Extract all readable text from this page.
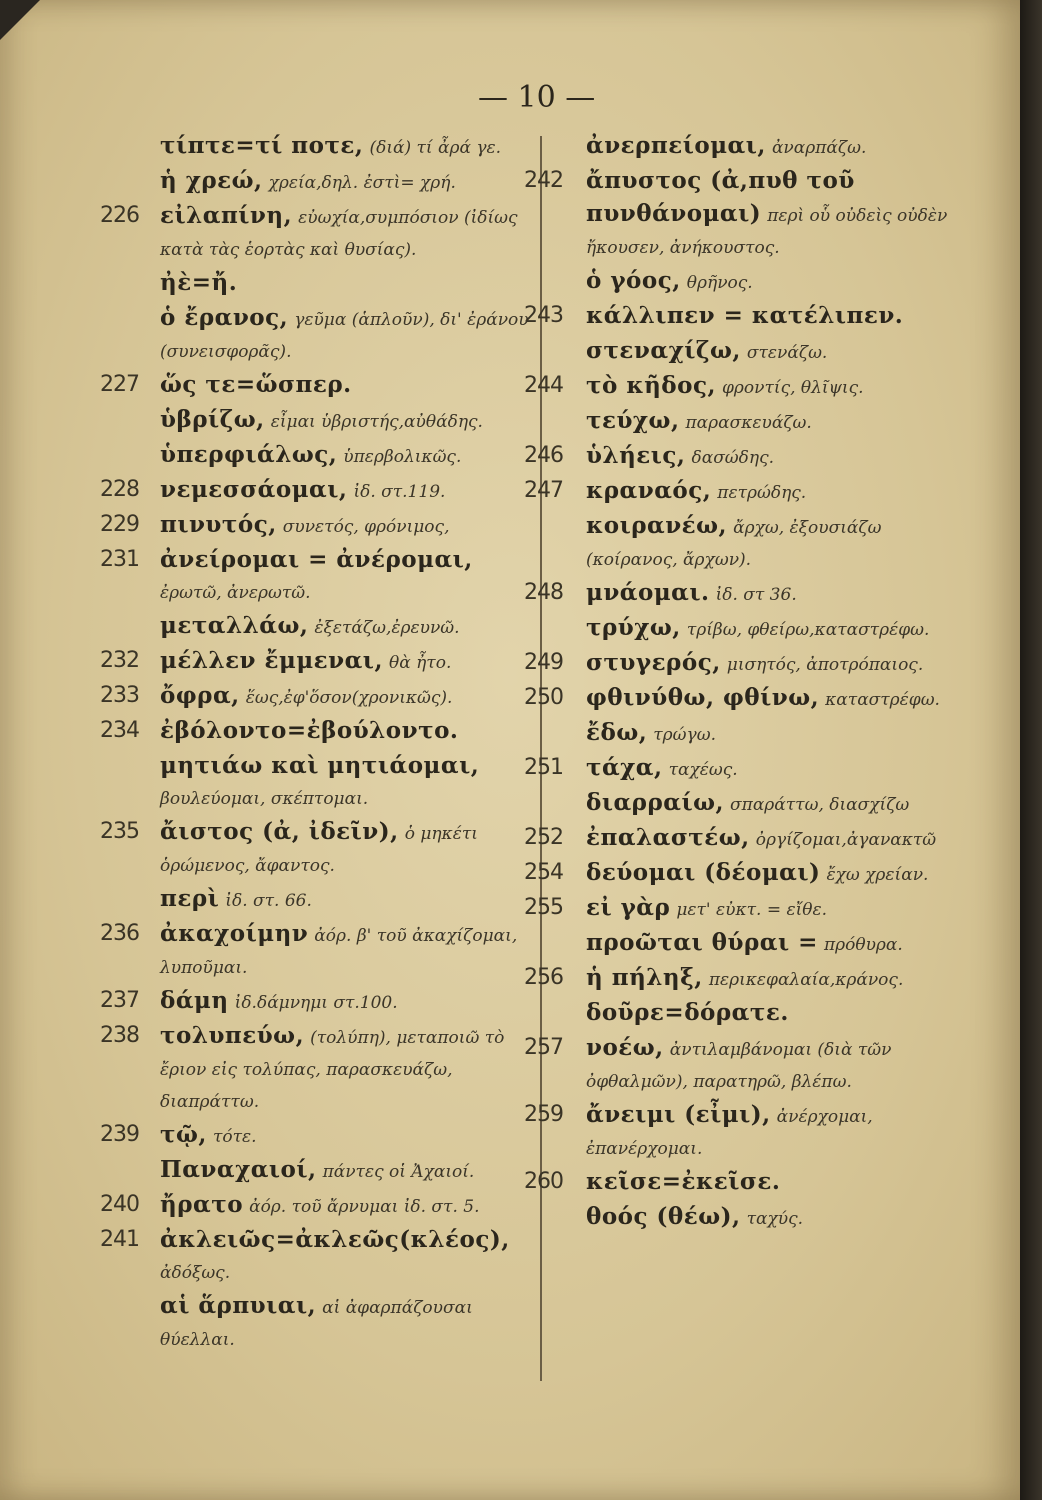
— 10 —
τίπτε=τί ποτε, (διά) τί ἆρά γε.
ἡ χρεώ, χρεία,δηλ. ἐστὶ= χρή.
226 εἰλαπίνη, εὐωχία,συμπόσιον (ἰδίως κατὰ τὰς ἑορτὰς καὶ θυσίας).
ἠὲ=ἤ.
ὁ ἔρανος, γεῦμα (ἁπλοῦν), δι' ἐράνου (συνεισφορᾶς).
227 ὥς τε=ὥσπερ.
ὑβρίζω, εἶμαι ὑβριστής,αὐθάδης.
ὑπερφιάλως, ὑπερβολικῶς.
228 νεμεσσάομαι, ἰδ. στ.119.
229 πινυτός, συνετός, φρόνιμος,
231 ἀνείρομαι = ἀνέρομαι, ἐρωτῶ, ἀνερωτῶ.
μεταλλάω, ἐξετάζω,ἐρευνῶ.
232 μέλλεν ἔμμεναι, θὰ ἦτο.
233 ὄφρα, ἕως,ἐφ'ὅσον(χρονικῶς).
234 ἐβόλοντο=ἐβούλοντο.
μητιάω καὶ μητιάομαι, βουλεύομαι, σκέπτομαι.
235 ἄιστος (ἀ, ἰδεῖν), ὁ μηκέτι ὁρώμενος, ἄφαντος.
περὶ ἰδ. στ. 66.
236 ἀκαχοίμην ἀόρ. β' τοῦ ἀκαχίζομαι, λυποῦμαι.
237 δάμη ἰδ.δάμνημι στ.100.
238 τολυπεύω, (τολύπη), μεταποιῶ τὸ ἔριον εἰς τολύπας, παρασκευάζω, διαπράττω.
239 τῷ, τότε.
Παναχαιοί, πάντες οἱ Ἀχαιοί.
240 ἤρατο ἀόρ. τοῦ ἄρνυμαι ἰδ. στ. 5.
241 ἀκλειῶς=ἀκλεῶς(κλέος), ἀδόξως.
αἱ ἅρπυιαι, αἱ ἀφαρπάζουσαι θύελλαι.
ἀνερπείομαι, ἀναρπάζω.
242	ἄπυστος (ἀ,πυθ τοῦ πυνθάνομαι) περὶ οὗ οὐδεὶς οὐδὲν ἤκουσεν, ἀνήκουστος.
ὁ γόος, θρῆνος.
243	κάλλιπεν = κατέλιπεν.
στεναχίζω, στενάζω.
244	τὸ κῆδος, φροντίς, θλῖψις.
τεύχω, παρασκευάζω.
246	ὑλήεις, δασώδης.
247	κραναός, πετρώδης.
κοιρανέω, ἄρχω, ἐξουσιάζω (κοίρανος, ἄρχων).
248	μνάομαι. ἰδ. στ 36.
τρύχω, τρίβω, φθείρω,καταστρέφω.
249	στυγερός, μισητός, ἀποτρόπαιος.
250	φθινύθω, φθίνω, καταστρέφω.
ἔδω, τρώγω.
251	τάχα, ταχέως.
διαρραίω, σπαράττω, διασχίζω
252	ἐπαλαστέω, ὀργίζομαι,ἀγανακτῶ
254	δεύομαι (δέομαι) ἔχω χρείαν.
255	εἰ γὰρ μετ' εὐκτ. = εἴθε.
προῶται θύραι = πρόθυρα.
256	ἡ πήληξ, περικεφαλαία,κράνος.
δοῦρε=δόρατε.
257	νοέω, ἀντιλαμβάνομαι (διὰ τῶν ὀφθαλμῶν), παρατηρῶ, βλέπω.
259	ἄνειμι (εἶμι), ἀνέρχομαι, ἐπανέρχομαι.
260	κεῖσε=ἐκεῖσε.
θοός (θέω), ταχύς.
